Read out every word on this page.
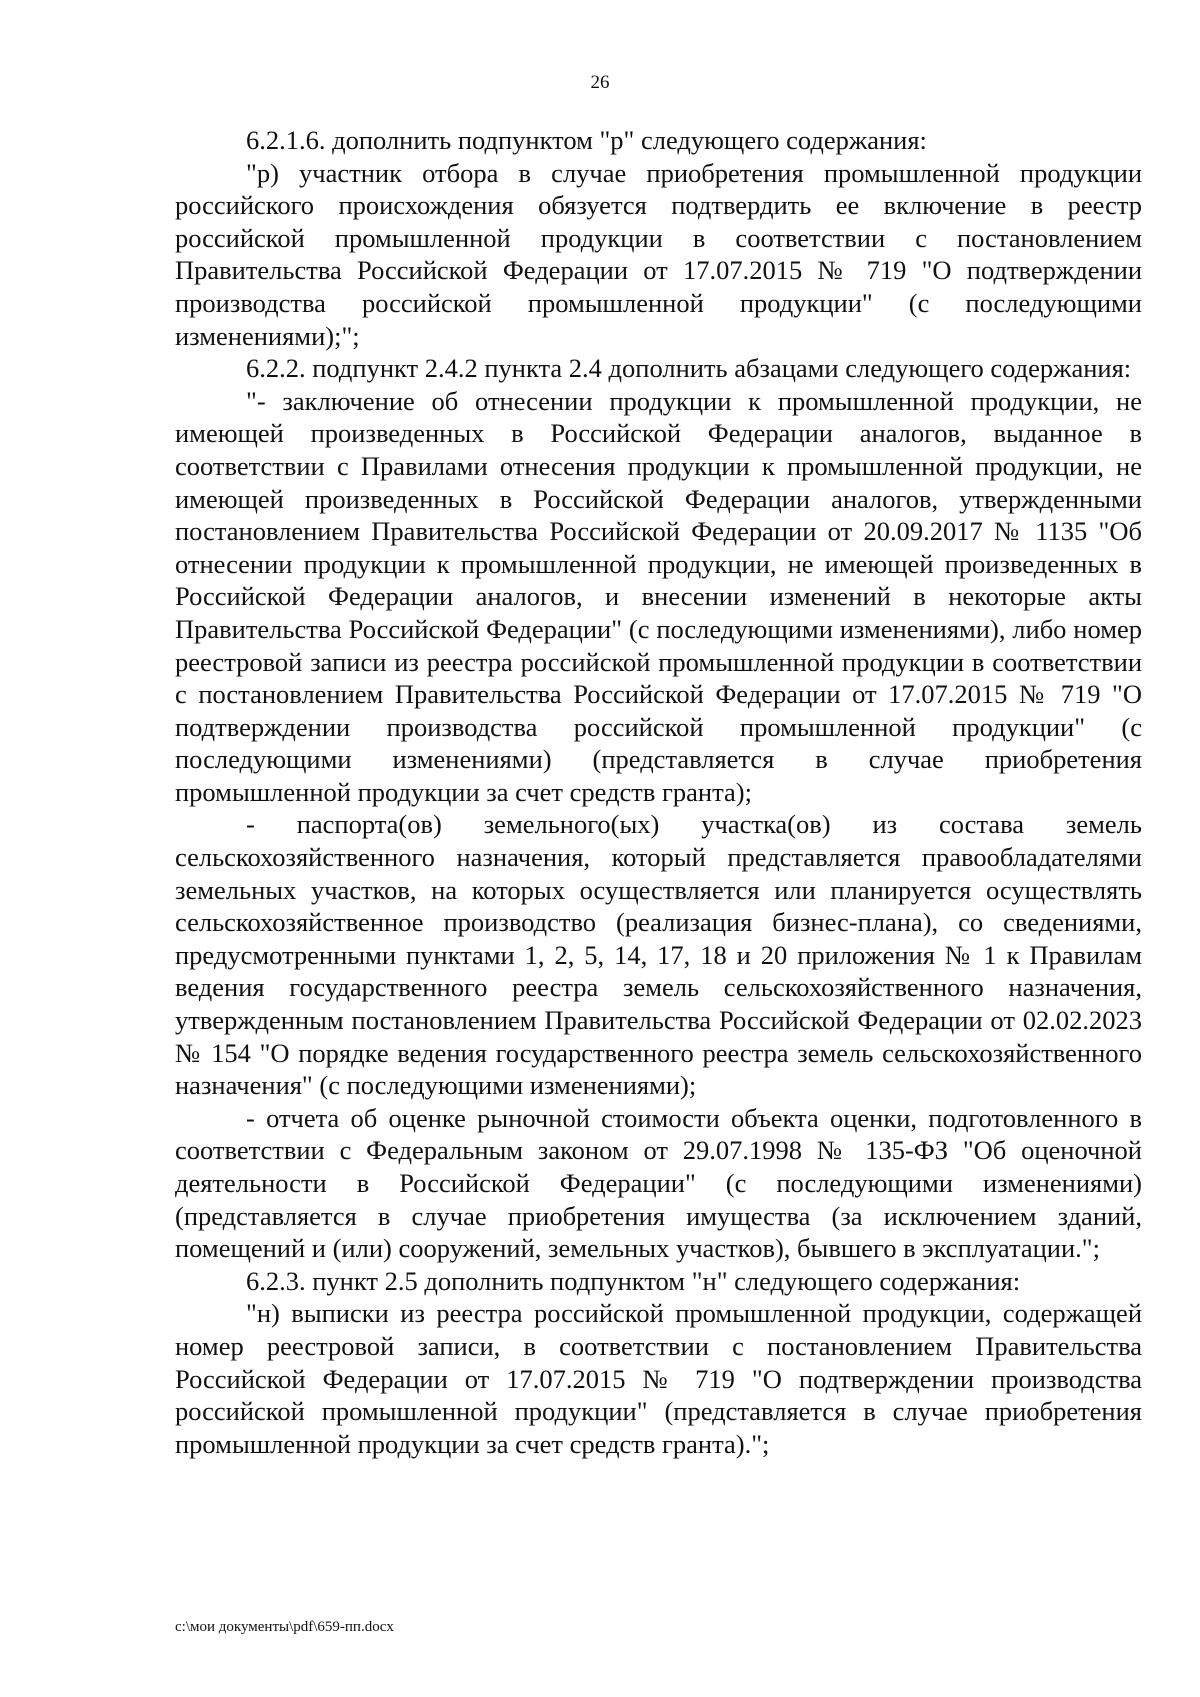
26

6.2.1.6. дополнить подпунктом "р" следующего содержания:

"р) участник отбора в случае приобретения промышленной продукции российского происхождения обязуется подтвердить ее включение в реестр российской промышленной продукции в соответствии с постановлением Правительства Российской Федерации от 17.07.2015 № 719 "О подтверждении производства российской промышленной продукции" (с последующими изменениями);";

6.2.2. подпункт 2.4.2 пункта 2.4 дополнить абзацами следующего содержания:

"- заключение об отнесении продукции к промышленной продукции, не имеющей произведенных в Российской Федерации аналогов, выданное в соответствии с Правилами отнесения продукции к промышленной продукции, не имеющей произведенных в Российской Федерации аналогов, утвержденными постановлением Правительства Российской Федерации от 20.09.2017 № 1135 "Об отнесении продукции к промышленной продукции, не имеющей произведенных в Российской Федерации аналогов, и внесении изменений в некоторые акты Правительства Российской Федерации" (с последующими изменениями), либо номер реестровой записи из реестра российской промышленной продукции в соответствии с постановлением Правительства Российской Федерации от 17.07.2015 № 719 "О подтверждении производства российской промышленной продукции" (с последующими изменениями) (представляется в случае приобретения промышленной продукции за счет средств гранта);

- паспорта(ов) земельного(ых) участка(ов) из состава земель сельскохозяйственного назначения, который представляется правообладателями земельных участков, на которых осуществляется или планируется осуществлять сельскохозяйственное производство (реализация бизнес-плана), со сведениями, предусмотренными пунктами 1, 2, 5, 14, 17, 18 и 20 приложения № 1 к Правилам ведения государственного реестра земель сельскохозяйственного назначения, утвержденным постановлением Правительства Российской Федерации от 02.02.2023 № 154 "О порядке ведения государственного реестра земель сельскохозяйственного назначения" (с последующими изменениями);

- отчета об оценке рыночной стоимости объекта оценки, подготовленного в соответствии с Федеральным законом от 29.07.1998 № 135-ФЗ "Об оценочной деятельности в Российской Федерации" (с последующими изменениями) (представляется в случае приобретения имущества (за исключением зданий, помещений и (или) сооружений, земельных участков), бывшего в эксплуатации.";

6.2.3. пункт 2.5 дополнить подпунктом "н" следующего содержания:

"н) выписки из реестра российской промышленной продукции, содержащей номер реестровой записи, в соответствии с постановлением Правительства Российской Федерации от 17.07.2015 № 719 "О подтверждении производства российской промышленной продукции" (представляется в случае приобретения промышленной продукции за счет средств гранта).";

c:\мои документы\pdf\659-пп.docx
